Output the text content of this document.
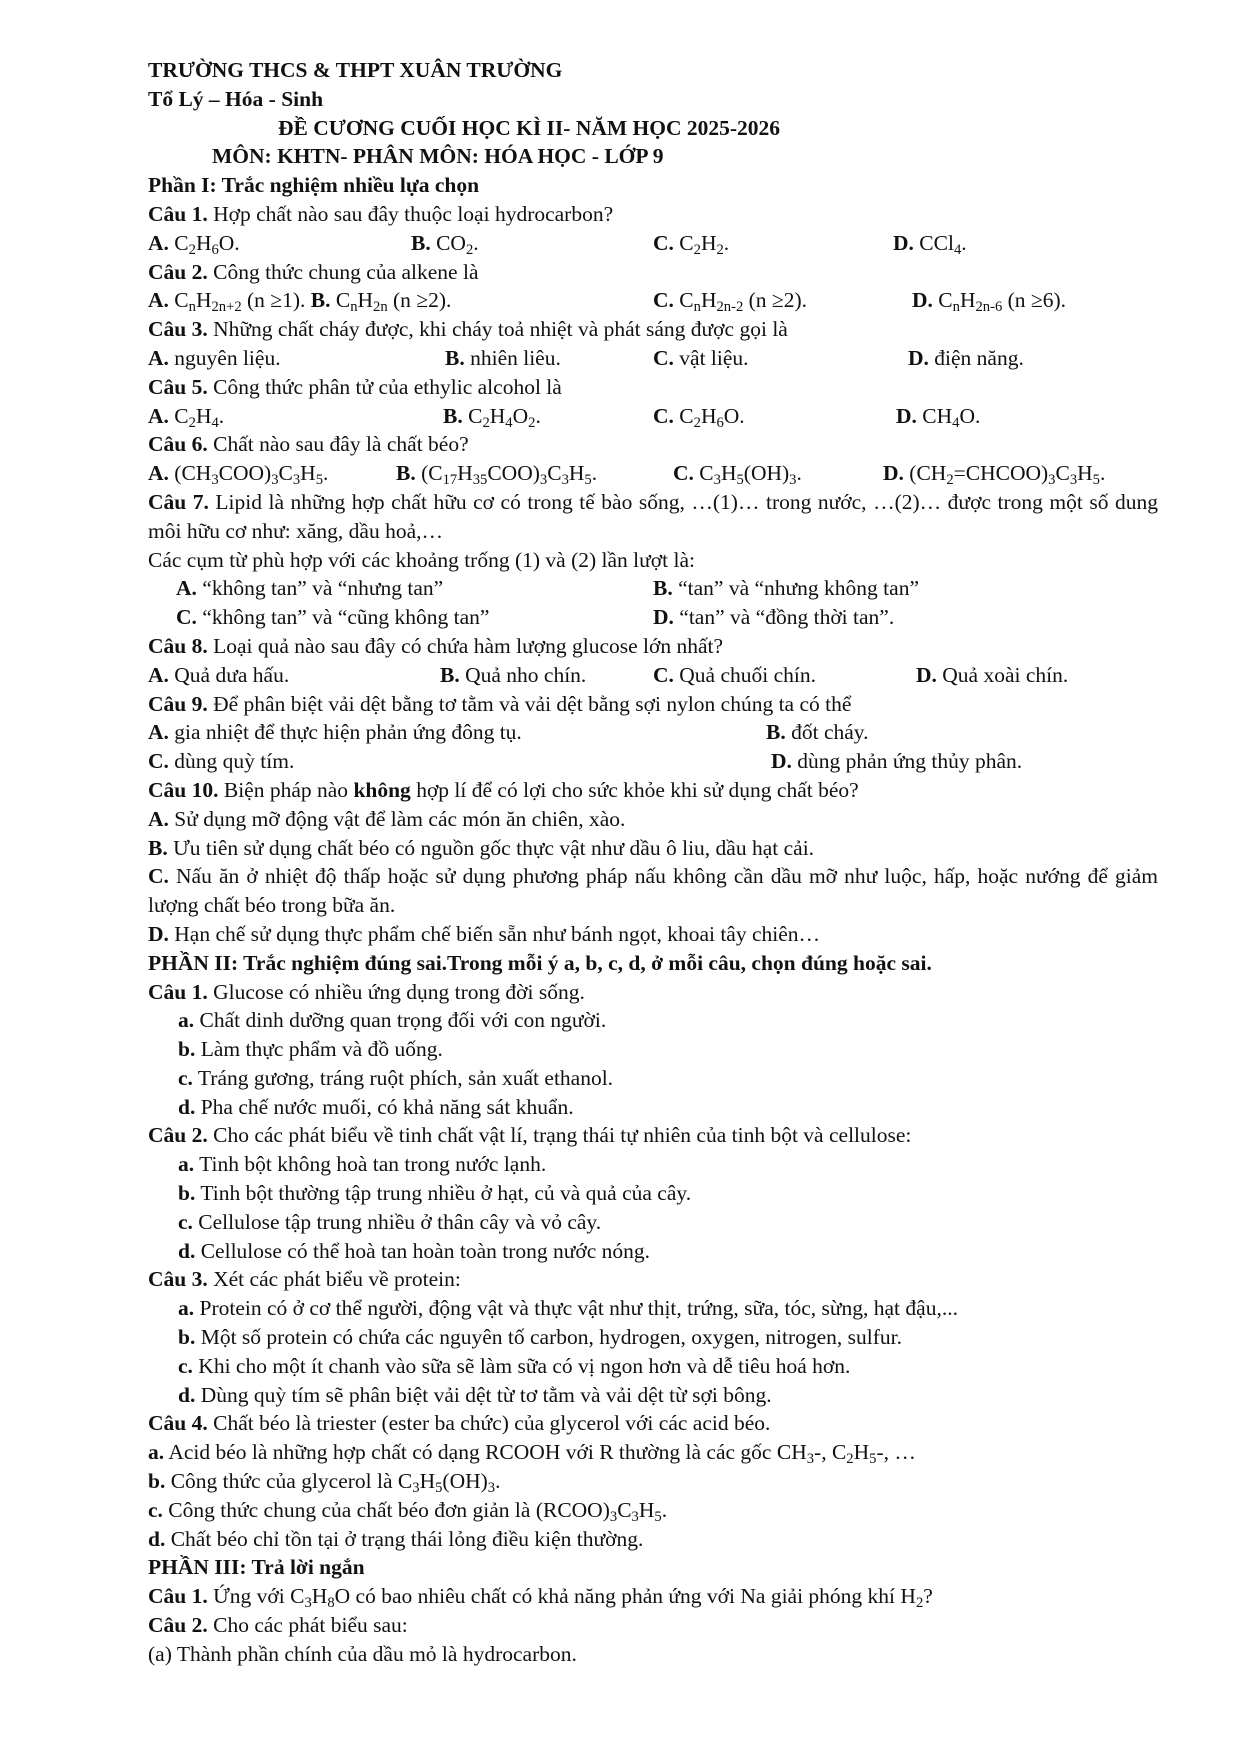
TRƯỜNG THCS & THPT XUÂN TRƯỜNG
Tổ Lý – Hóa - Sinh
ĐỀ CƯƠNG CUỐI HỌC KÌ II- NĂM HỌC 2025-2026
MÔN: KHTN- PHÂN MÔN: HÓA HỌC - LỚP 9
Phần I: Trắc nghiệm nhiều lựa chọn
Câu 1. Hợp chất nào sau đây thuộc loại hydrocarbon?
A. $C_2H_6O$.	B. $CO_2$.	C. $C_2H_2$.	D. CCl$_4$.
Câu 2. Công thức chung của alkene là
A. $C_nH_{2n+2}$ (n ≥1). B. $C_nH_{2n}$ (n ≥2).	C. $C_nH_{2n-2}$ (n ≥2).	D. $C_nH_{2n-6}$ (n ≥6).
Câu 3. Những chất cháy được, khi cháy toả nhiệt và phát sáng được gọi là
A. nguyên liệu.	B. nhiên liêu.	C. vật liệu.	D. điện năng.
Câu 5. Công thức phân tử của ethylic alcohol là
A. $C_2H_4$.	B. $C_2H_4O_2$.	C. $C_2H_6O$.	D. $CH_4O$.
Câu 6. Chất nào sau đây là chất béo?
A. $(CH_3COO)_3C_3H_5$.	B. $(C_{17}H_{35}COO)_3C_3H_5$.	C. $C_3H_5(OH)_3$.	D. $(CH_2=CHCOO)_3C_3H_5$.
Câu 7. Lipid là những hợp chất hữu cơ có trong tế bào sống, …(1)… trong nước, …(2)… được trong một số dung môi hữu cơ như: xăng, dầu hoả,…
Các cụm từ phù hợp với các khoảng trống (1) và (2) lần lượt là:
A. “không tan” và “nhưng tan”	B. “tan” và “nhưng không tan”
C. “không tan” và “cũng không tan”	D. “tan” và “đồng thời tan”.
Câu 8. Loại quả nào sau đây có chứa hàm lượng glucose lớn nhất?
A. Quả dưa hấu.	B. Quả nho chín.	C. Quả chuối chín.	D. Quả xoài chín.
Câu 9. Để phân biệt vải dệt bằng tơ tằm và vải dệt bằng sợi nylon chúng ta có thể
A. gia nhiệt để thực hiện phản ứng đông tụ.	B. đốt cháy.
C. dùng quỳ tím.	D. dùng phản ứng thủy phân.
Câu 10. Biện pháp nào không hợp lí để có lợi cho sức khỏe khi sử dụng chất béo?
A. Sử dụng mỡ động vật để làm các món ăn chiên, xào.
B. Ưu tiên sử dụng chất béo có nguồn gốc thực vật như dầu ô liu, dầu hạt cải.
C. Nấu ăn ở nhiệt độ thấp hoặc sử dụng phương pháp nấu không cần dầu mỡ như luộc, hấp, hoặc nướng để giảm lượng chất béo trong bữa ăn.
D. Hạn chế sử dụng thực phẩm chế biến sẵn như bánh ngọt, khoai tây chiên…
PHẦN II: Trắc nghiệm đúng sai.Trong mỗi ý a, b, c, d, ở mỗi câu, chọn đúng hoặc sai.
Câu 1. Glucose có nhiều ứng dụng trong đời sống.
a. Chất dinh dưỡng quan trọng đối với con người.
b. Làm thực phẩm và đồ uống.
c. Tráng gương, tráng ruột phích, sản xuất ethanol.
d. Pha chế nước muối, có khả năng sát khuẩn.
Câu 2. Cho các phát biểu về tinh chất vật lí, trạng thái tự nhiên của tinh bột và cellulose:
a. Tinh bột không hoà tan trong nước lạnh.
b. Tinh bột thường tập trung nhiều ở hạt, củ và quả của cây.
c. Cellulose tập trung nhiều ở thân cây và vỏ cây.
d. Cellulose có thể hoà tan hoàn toàn trong nước nóng.
Câu 3. Xét các phát biểu về protein:
a. Protein có ở cơ thể người, động vật và thực vật như thịt, trứng, sữa, tóc, sừng, hạt đậu,...
b. Một số protein có chứa các nguyên tố carbon, hydrogen, oxygen, nitrogen, sulfur.
c. Khi cho một ít chanh vào sữa sẽ làm sữa có vị ngon hơn và dễ tiêu hoá hơn.
d. Dùng quỳ tím sẽ phân biệt vải dệt từ tơ tằm và vải dệt từ sợi bông.
Câu 4. Chất béo là triester (ester ba chức) của glycerol với các acid béo.
a. Acid béo là những hợp chất có dạng RCOOH với R thường là các gốc $CH_3-$, $C_2H_5-$, …
b. Công thức của glycerol là $C_3H_5(OH)_3$.
c. Công thức chung của chất béo đơn giản là $(RCOO)_3C_3H_5$.
d. Chất béo chỉ tồn tại ở trạng thái lỏng điều kiện thường.
PHẦN III: Trả lời ngắn
Câu 1. Ứng với $C_3H_8O$ có bao nhiêu chất có khả năng phản ứng với Na giải phóng khí $H_2$?
Câu 2. Cho các phát biểu sau:
(a) Thành phần chính của dầu mỏ là hydrocarbon.
